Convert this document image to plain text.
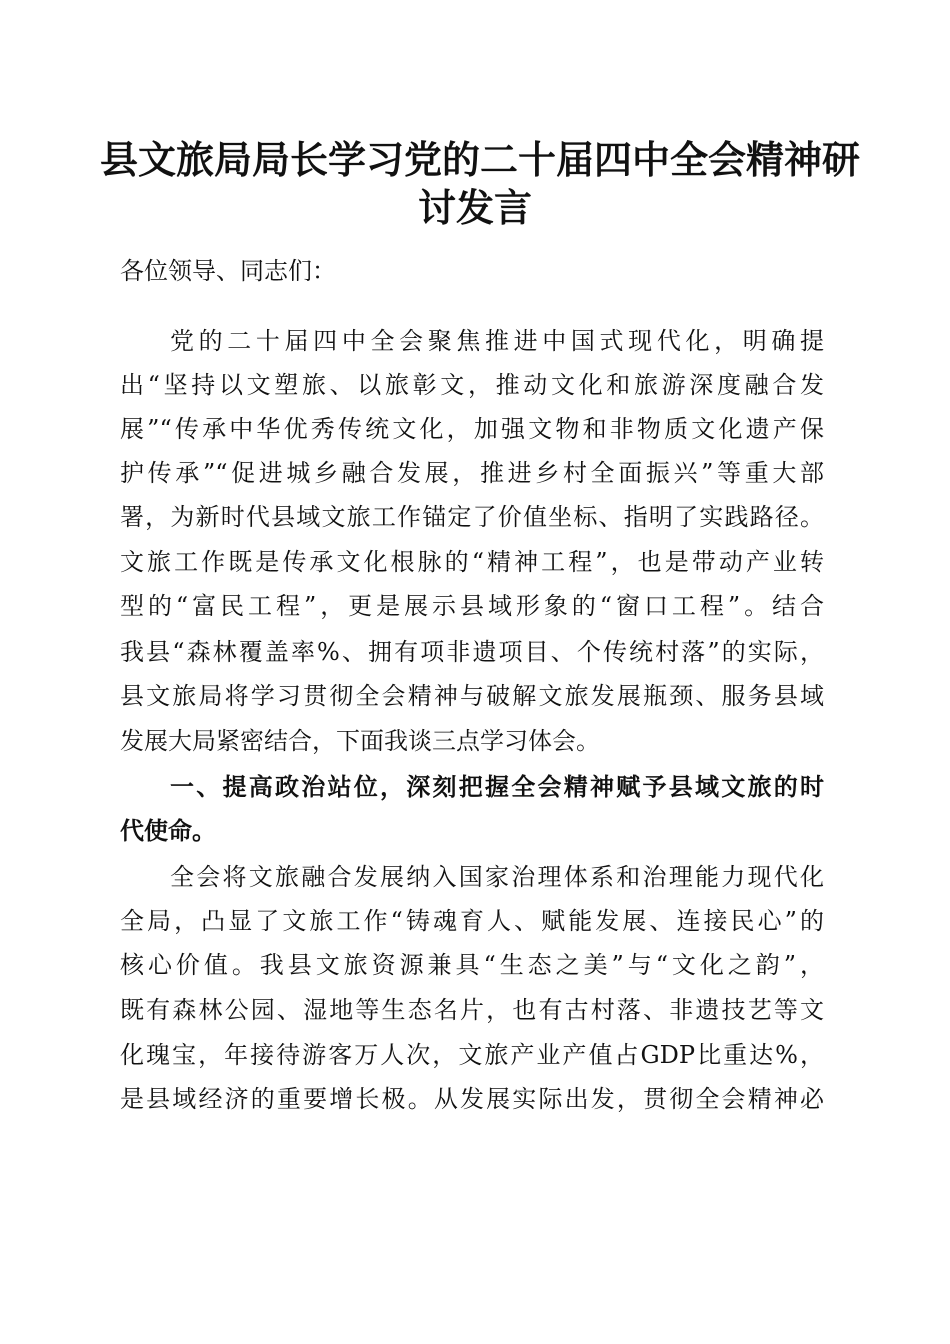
县文旅局局长学习党的二十届四中全会精神研
讨发言
各位领导、同志们：
党的二十届四中全会聚焦推进中国式现代化，明确提
出“坚持以文塑旅、以旅彰文，推动文化和旅游深度融合发
展”“传承中华优秀传统文化，加强文物和非物质文化遗产保
护传承”“促进城乡融合发展，推进乡村全面振兴”等重大部
署，为新时代县域文旅工作锚定了价值坐标、指明了实践路径。
文旅工作既是传承文化根脉的“精神工程”，也是带动产业转
型的“富民工程”，更是展示县域形象的“窗口工程”。结合
我县“森林覆盖率%、拥有项非遗项目、个传统村落”的实际，
县文旅局将学习贯彻全会精神与破解文旅发展瓶颈、服务县域
发展大局紧密结合，下面我谈三点学习体会。
一、提高政治站位，深刻把握全会精神赋予县域文旅的时
代使命。
全会将文旅融合发展纳入国家治理体系和治理能力现代化
全局，凸显了文旅工作“铸魂育人、赋能发展、连接民心”的
核心价值。我县文旅资源兼具“生态之美”与“文化之韵”，
既有森林公园、湿地等生态名片，也有古村落、非遗技艺等文
化瑰宝，年接待游客万人次，文旅产业产值占GDP比重达%，
是县域经济的重要增长极。从发展实际出发，贯彻全会精神必
